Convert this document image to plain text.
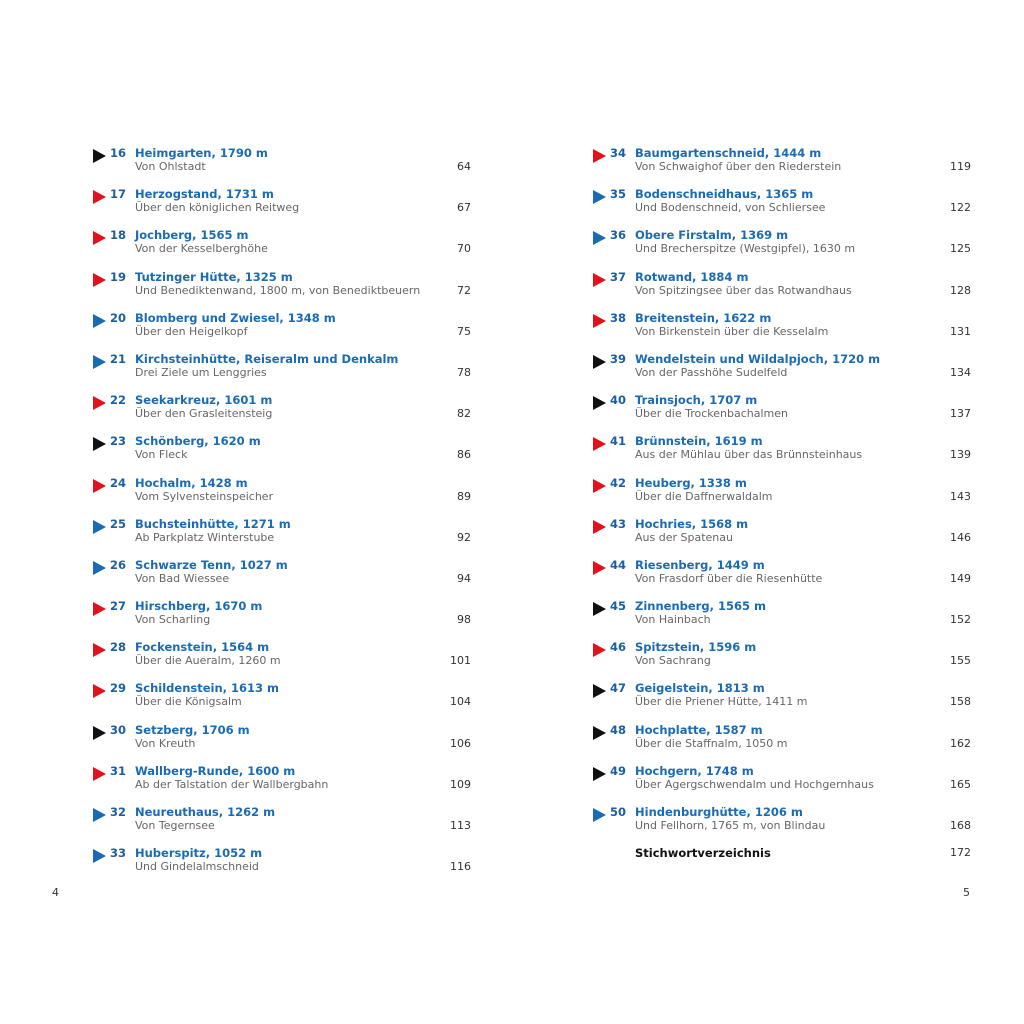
16 Heimgarten, 1790 m
Von Ohlstadt	64
17 Herzogstand, 1731 m
Über den königlichen Reitweg	67
18 Jochberg, 1565 m
Von der Kesselberghöhe	70
19 Tutzinger Hütte, 1325 m
Und Benediktenwand, 1800 m, von Benediktbeuern	72
20 Blomberg und Zwiesel, 1348 m
Über den Heigelkopf	75
21 Kirchsteinhütte, Reiseralm und Denkalm
Drei Ziele um Lenggries	78
22 Seekarkreuz, 1601 m
Über den Grasleitensteig	82
23 Schönberg, 1620 m
Von Fleck	86
24 Hochalm, 1428 m
Vom Sylvensteinspeicher	89
25 Buchsteinhütte, 1271 m
Ab Parkplatz Winterstube	92
26 Schwarze Tenn, 1027 m
Von Bad Wiessee	94
27 Hirschberg, 1670 m
Von Scharling	98
28 Fockenstein, 1564 m
Über die Aueralm, 1260 m	101
29 Schildenstein, 1613 m
Über die Königsalm	104
30 Setzberg, 1706 m
Von Kreuth	106
31 Wallberg-Runde, 1600 m
Ab der Talstation der Wallbergbahn	109
32 Neureuthaus, 1262 m
Von Tegernsee	113
33 Huberspitz, 1052 m
Und Gindelalmschneid	116
34 Baumgartenschneid, 1444 m
Von Schwaighof über den Riederstein	119
35 Bodenschneidhaus, 1365 m
Und Bodenschneid, von Schliersee	122
36 Obere Firstalm, 1369 m
Und Brecherspitze (Westgipfel), 1630 m	125
37 Rotwand, 1884 m
Von Spitzingsee über das Rotwandhaus	128
38 Breitenstein, 1622 m
Von Birkenstein über die Kesselalm	131
39 Wendelstein und Wildalpjoch, 1720 m
Von der Passhöhe Sudelfeld	134
40 Trainsjoch, 1707 m
Über die Trockenbachalmen	137
41 Brünnstein, 1619 m
Aus der Mühlau über das Brünnsteinhaus	139
42 Heuberg, 1338 m
Über die Daffnerwaldalm	143
43 Hochries, 1568 m
Aus der Spatenau	146
44 Riesenberg, 1449 m
Von Frasdorf über die Riesenhütte	149
45 Zinnenberg, 1565 m
Von Hainbach	152
46 Spitzstein, 1596 m
Von Sachrang	155
47 Geigelstein, 1813 m
Über die Priener Hütte, 1411 m	158
48 Hochplatte, 1587 m
Über die Staffnalm, 1050 m	162
49 Hochgern, 1748 m
Über Agergschwendalm und Hochgernhaus	165
50 Hindenburghütte, 1206 m
Und Fellhorn, 1765 m, von Blindau	168
Stichwortverzeichnis	172
4	5
